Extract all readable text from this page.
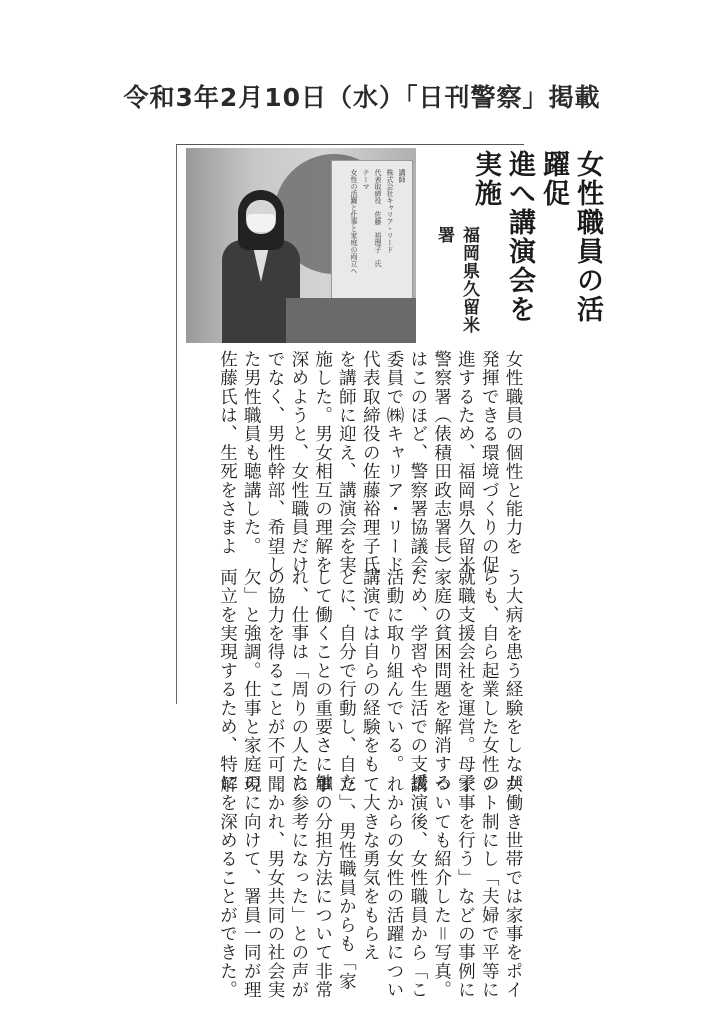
令和3年2月10日（水）「日刊警察」掲載
講師
株式会社キャリア・リード
代表取締役　佐藤　裕理子　氏
テーマ
女性の活躍と仕事と家庭の両立へ	女性職員の活躍促
進へ講演会を実施
福岡県久留米署
女性職員の個性と能力を
発揮できる環境づくりの促
進するため、福岡県久留米
警察署（俵積田政志署長）
はこのほど、警察署協議会
委員で㈱キャリア・リード
代表取締役の佐藤裕理子氏
を講師に迎え、講演会を実
施した。男女相互の理解を
深めようと、女性職員だけ
でなく、男性幹部、希望し
た男性職員も聴講した。
佐藤氏は、生死をさまよ
う大病を患う経験をしなが
らも、自ら起業した女性の
就職支援会社を運営。母子
家庭の貧困問題を解消する
ため、学習や生活での支援
活動に取り組んでいる。
講演では自らの経験をも
とに、自分で行動し、自立
して働くことの重要さに触
れ、仕事は「周りの人たち
の協力を得ることが不可
欠」と強調。仕事と家庭の
両立を実現するため、特に
共働き世帯では家事をポイ
ント制にし「夫婦で平等に
家事を行う」などの事例に
ついても紹介した＝写真。
講演後、女性職員から「こ
れからの女性の活躍につい
て大きな勇気をもらえ
た」、男性職員からも「家
事の分担方法について非常
に参考になった」との声が
聞かれ、男女共同の社会実
現に向けて、署員一同が理
解を深めることができた。
